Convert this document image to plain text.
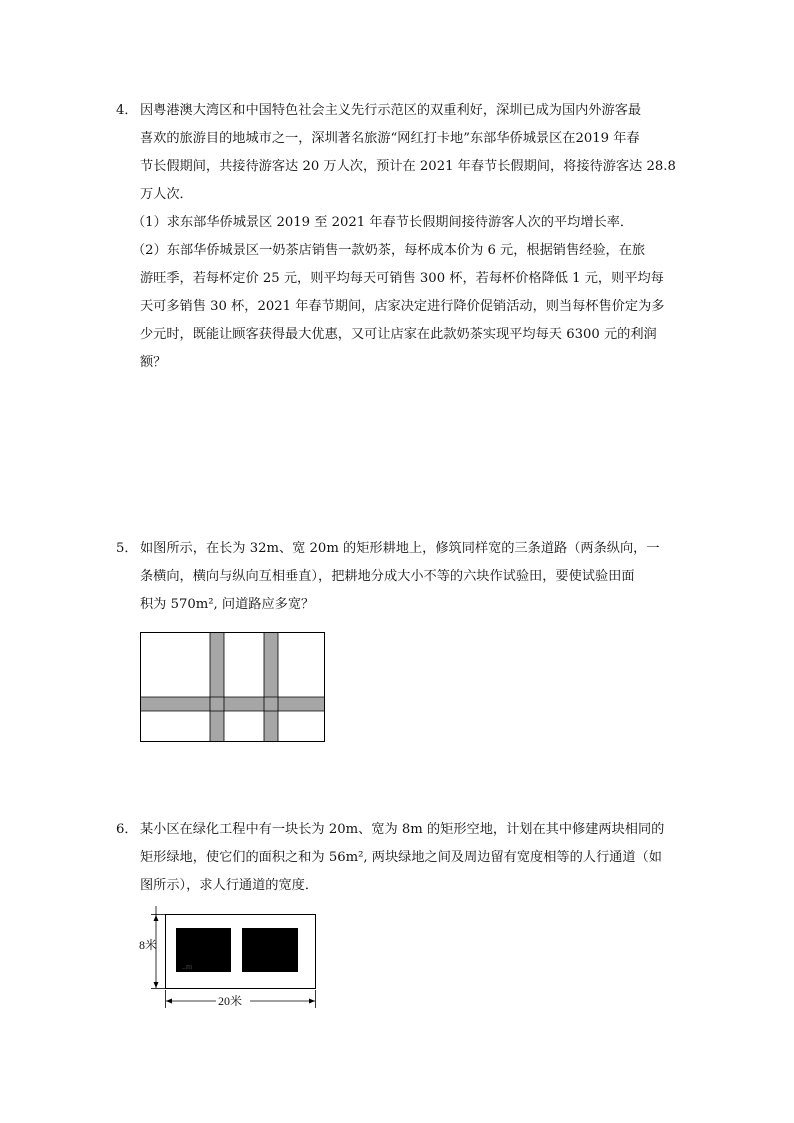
4． 因粤港澳大湾区和中国特色社会主义先行示范区的双重利好，深圳已成为国内外游客最

喜欢的旅游目的地城市之一，深圳著名旅游“网红打卡地”东部华侨城景区在2019 年春

节长假期间，共接待游客达 20 万人次，预计在 2021 年春节长假期间，将接待游客达 28.8

万人次．

（1）求东部华侨城景区 2019 至 2021 年春节长假期间接待游客人次的平均增长率．

（2）东部华侨城景区一奶茶店销售一款奶茶，每杯成本价为 6 元，根据销售经验，在旅

游旺季，若每杯定价 25 元，则平均每天可销售 300 杯，若每杯价格降低 1 元，则平均每

天可多销售 30 杯，2021 年春节期间，店家决定进行降价促销活动，则当每杯售价定为多

少元时，既能让顾客获得最大优惠，又可让店家在此款奶茶实现平均每天 6300 元的利润

额？

5． 如图所示，在长为 32m、宽 20m 的矩形耕地上，修筑同样宽的三条道路（两条纵向，一

条横向，横向与纵向互相垂直），把耕地分成大小不等的六块作试验田，要使试验田面

积为 570m², 问道路应多宽？

6． 某小区在绿化工程中有一块长为 20m、宽为 8m 的矩形空地，计划在其中修建两块相同的

矩形绿地，使它们的面积之和为 56m², 两块绿地之间及周边留有宽度相等的人行通道（如

图所示），求人行通道的宽度．

..m
8米
20米
